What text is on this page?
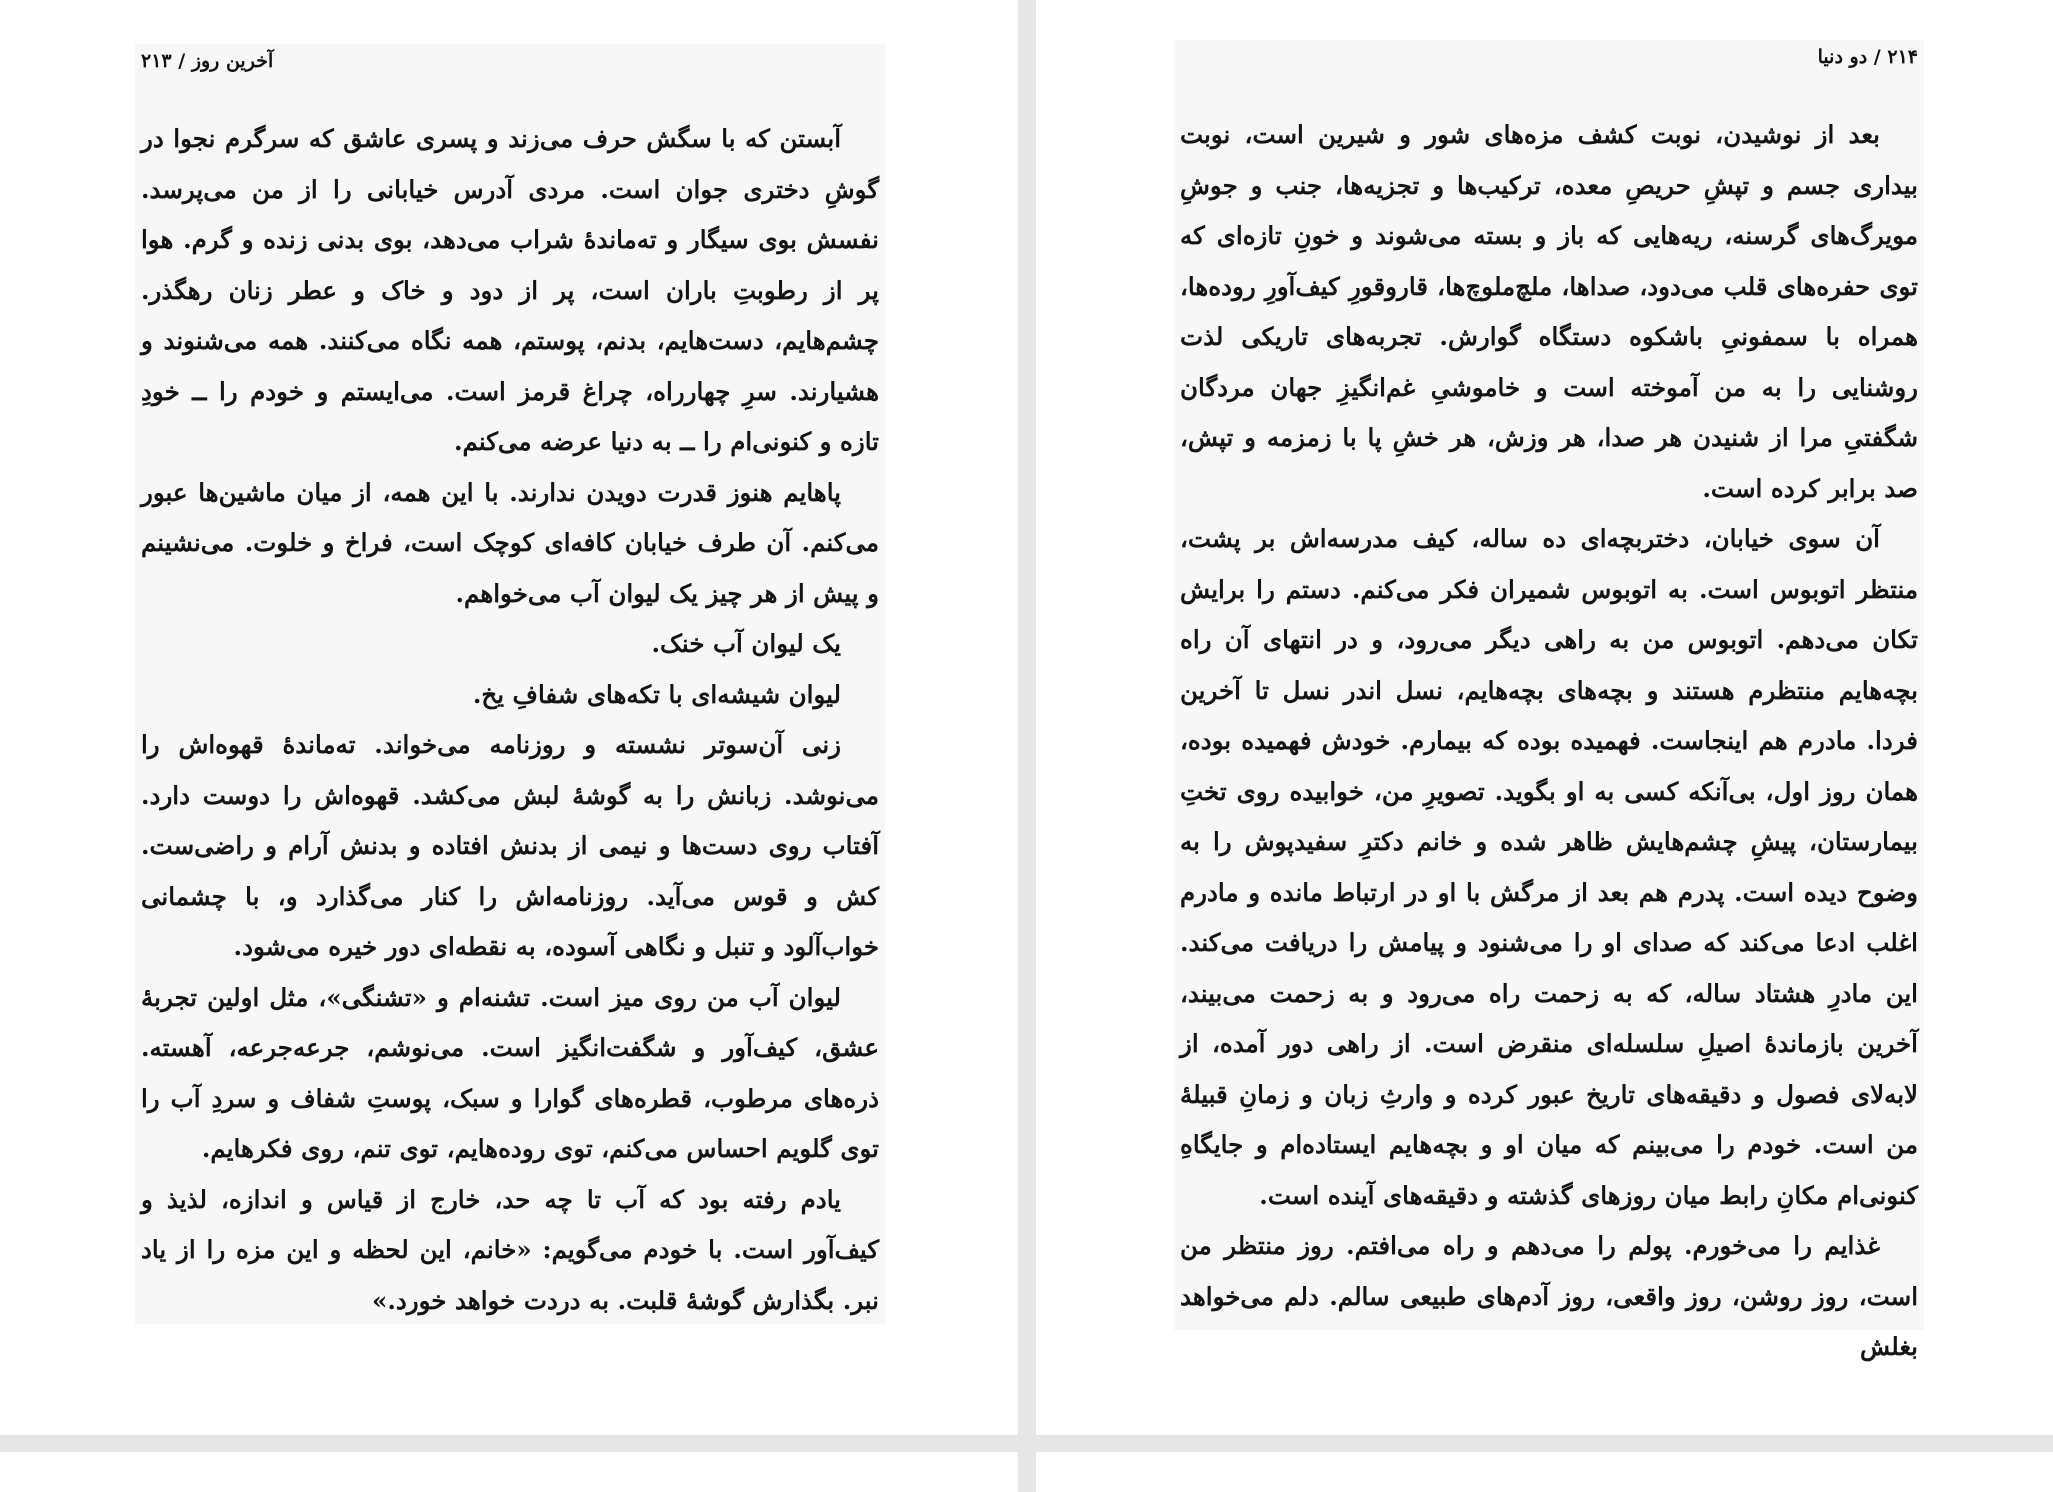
آخرین روز / ۲۱۳

آبستن که با سگش حرف می‌زند و پسری عاشق که سرگرم نجوا در گوشِ دختری جوان است. مردی آدرس خیابانی را از من می‌پرسد. نفسش بوی سیگار و ته‌ماندهٔ شراب می‌دهد، بوی بدنی زنده و گرم. هوا پر از رطوبتِ باران است، پر از دود و خاک و عطر زنان رهگذر. چشم‌هایم، دست‌هایم، بدنم، پوستم، همه نگاه می‌کنند. همه می‌شنوند و هشیارند. سرِ چهارراه، چراغ قرمز است. می‌ایستم و خودم را ــ خودِ تازه و کنونی‌ام را ــ به دنیا عرضه می‌کنم.

پاهایم هنوز قدرت دویدن ندارند. با این همه، از میان ماشین‌ها عبور می‌کنم. آن طرف خیابان کافه‌ای کوچک است، فراخ و خلوت. می‌نشینم و پیش از هر چیز یک لیوان آب می‌خواهم.

یک لیوان آب خنک.

لیوان شیشه‌ای با تکه‌های شفافِ یخ.

زنی آن‌سوتر نشسته و روزنامه می‌خواند. ته‌ماندهٔ قهوه‌اش را می‌نوشد. زبانش را به گوشهٔ لبش می‌کشد. قهوه‌اش را دوست دارد. آفتاب روی دست‌ها و نیمی از بدنش افتاده و بدنش آرام و راضی‌ست. کش و قوس می‌آید. روزنامه‌اش را کنار می‌گذارد و، با چشمانی خواب‌آلود و تنبل و نگاهی آسوده، به نقطه‌ای دور خیره می‌شود.

لیوان آب من روی میز است. تشنه‌ام و «تشنگی»، مثل اولین تجربهٔ عشق، کیف‌آور و شگفت‌انگیز است. می‌نوشم، جرعه‌جرعه، آهسته. ذره‌های مرطوب، قطره‌های گوارا و سبک، پوستِ شفاف و سردِ آب را توی گلویم احساس می‌کنم، توی روده‌هایم، توی تنم، روی فکرهایم.

یادم رفته بود که آب تا چه حد، خارج از قیاس و اندازه، لذیذ و کیف‌آور است. با خودم می‌گویم: «خانم، این لحظه و این مزه را از یاد نبر. بگذارش گوشهٔ قلبت. به دردت خواهد خورد.»

۲۱۴ / دو دنیا

بعد از نوشیدن، نوبت کشف مزه‌های شور و شیرین است، نوبت بیداری جسم و تپشِ حریصِ معده، ترکیب‌ها و تجزیه‌ها، جنب و جوشِ مویرگ‌های گرسنه، ریه‌هایی که باز و بسته می‌شوند و خونِ تازه‌ای که توی حفره‌های قلب می‌دود، صداها، ملچ‌ملوچ‌ها، قاروقورِ کیف‌آورِ روده‌ها، همراه با سمفونیِ باشکوه دستگاه گوارش. تجربه‌های تاریکی لذت روشنایی را به من آموخته است و خاموشیِ غم‌انگیزِ جهان مردگان شگفتیِ مرا از شنیدن هر صدا، هر وزش، هر خشِ پا با زمزمه و تپش، صد برابر کرده است.

آن سوی خیابان، دختربچه‌ای ده ساله، کیف مدرسه‌اش بر پشت، منتظر اتوبوس است. به اتوبوس شمیران فکر می‌کنم. دستم را برایش تکان می‌دهم. اتوبوس من به راهی دیگر می‌رود، و در انتهای آن راه بچه‌هایم منتظرم هستند و بچه‌های بچه‌هایم، نسل اندر نسل تا آخرین فردا. مادرم هم اینجاست. فهمیده بوده که بیمارم. خودش فهمیده بوده، همان روز اول، بی‌آنکه کسی به او بگوید. تصویرِ من، خوابیده روی تختِ بیمارستان، پیشِ چشم‌هایش ظاهر شده و خانم دکترِ سفیدپوش را به وضوح دیده است. پدرم هم بعد از مرگش با او در ارتباط مانده و مادرم اغلب ادعا می‌کند که صدای او را می‌شنود و پیامش را دریافت می‌کند. این مادرِ هشتاد ساله، که به زحمت راه می‌رود و به زحمت می‌بیند، آخرین بازماندهٔ اصیلِ سلسله‌ای منقرض است. از راهی دور آمده، از لابه‌لای فصول و دقیقه‌های تاریخ عبور کرده و وارثِ زبان و زمانِ قبیلهٔ من است. خودم را می‌بینم که میان او و بچه‌هایم ایستاده‌ام و جایگاهِ کنونی‌ام مکانِ رابط میان روزهای گذشته و دقیقه‌های آینده است.

غذایم را می‌خورم. پولم را می‌دهم و راه می‌افتم. روز منتظر من است، روز روشن، روز واقعی، روز آدم‌های طبیعی سالم. دلم می‌خواهد بغلش
